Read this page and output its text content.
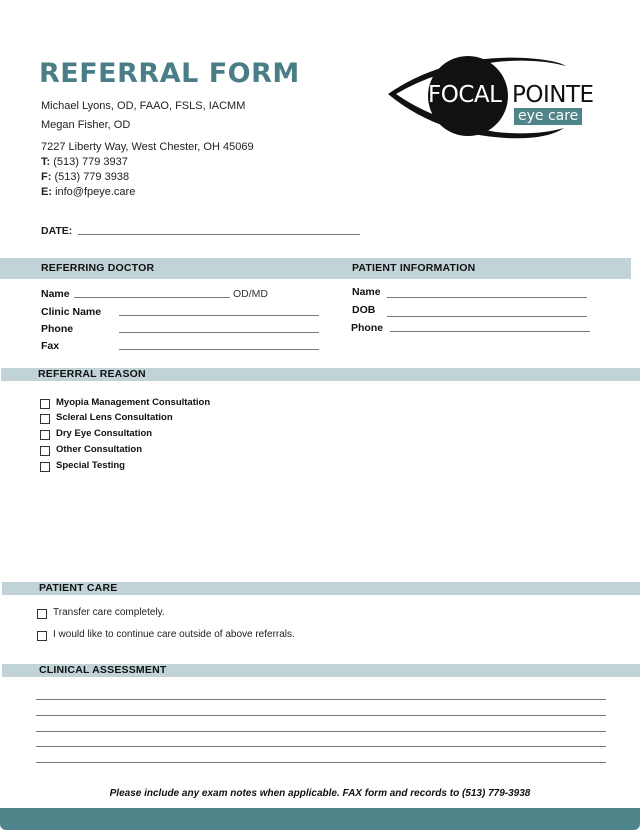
REFERRAL FORM
Michael Lyons, OD, FAAO, FSLS, IACMM
Megan Fisher, OD
7227 Liberty Way, West Chester, OH 45069
T: (513) 779 3937
F: (513) 779 3938
E: info@fpeye.care
FOCAL POINTE
eye care
DATE:
REFERRING DOCTOR	PATIENT INFORMATION
Name	OD/MD
Clinic Name
Phone
Fax
Name
DOB
Phone
REFERRAL REASON
Myopia Management Consultation
Scleral Lens Consultation
Dry Eye Consultation
Other Consultation
Special Testing
PATIENT CARE
Transfer care completely.
I would like to continue care outside of above referrals.
CLINICAL ASSESSMENT
Please include any exam notes when applicable. FAX form and records to (513) 779-3938
